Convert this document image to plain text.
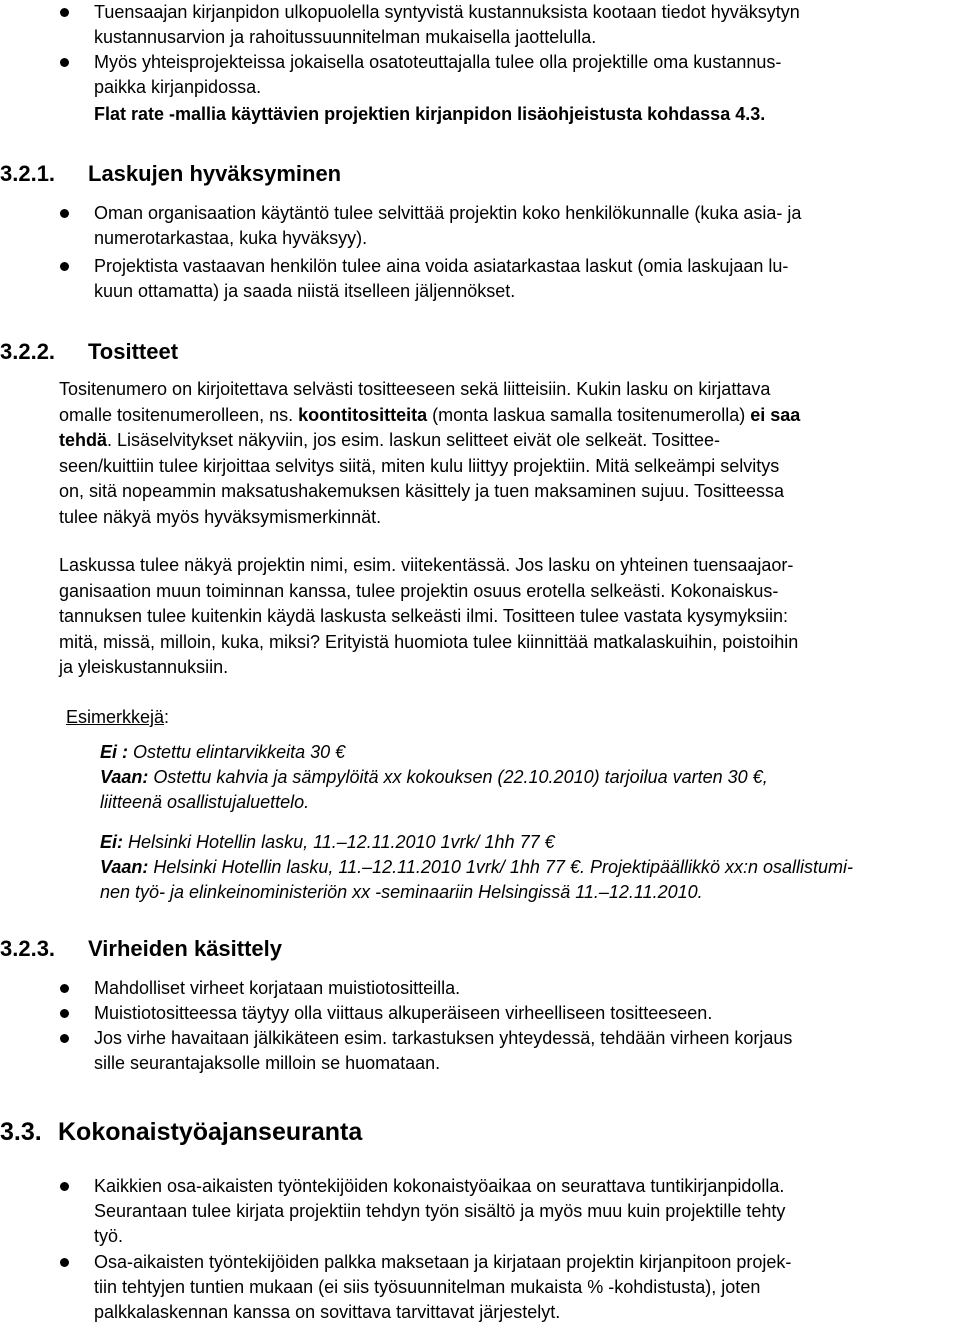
Tuensaajan kirjanpidon ulkopuolella syntyvistä kustannuksista kootaan tiedot hyväksytyn
kustannusarvion ja rahoitussuunnitelman mukaisella jaottelulla.
Myös yhteisprojekteissa jokaisella osatoteuttajalla tulee olla projektille oma kustannus-
paikka kirjanpidossa.
Flat rate -mallia käyttävien projektien kirjanpidon lisäohjeistusta kohdassa 4.3.
3.2.1. Laskujen hyväksyminen
Oman organisaation käytäntö tulee selvittää projektin koko henkilökunnalle (kuka asia- ja
numerotarkastaa, kuka hyväksyy).
Projektista vastaavan henkilön tulee aina voida asiatarkastaa laskut (omia laskujaan lu-
kuun ottamatta) ja saada niistä itselleen jäljennökset.
3.2.2. Tositteet
Tositenumero on kirjoitettava selvästi tositteeseen sekä liitteisiin. Kukin lasku on kirjattava
omalle tositenumerolleen, ns. koontitositteita (monta laskua samalla tositenumerolla) ei saa
tehdä. Lisäselvitykset näkyviin, jos esim. laskun selitteet eivät ole selkeät. Tositteе-
seen/kuittiin tulee kirjoittaa selvitys siitä, miten kulu liittyy projektiin. Mitä selkeämpi selvitys
on, sitä nopeammin maksatushakemuksen käsittely ja tuen maksaminen sujuu. Tositteessa
tulee näkyä myös hyväksymismerkinnät.
Laskussa tulee näkyä projektin nimi, esim. viitekentässä. Jos lasku on yhteinen tuensaajaor-
ganisaation muun toiminnan kanssa, tulee projektin osuus erotella selkeästi. Kokonaiskus-
tannuksen tulee kuitenkin käydä laskusta selkeästi ilmi. Tositteen tulee vastata kysymyksiin:
mitä, missä, milloin, kuka, miksi? Erityistä huomiota tulee kiinnittää matkalaskuihin, poistoihin
ja yleiskustannuksiin.
Esimerkkejä:
Ei : Ostettu elintarvikkeita 30 €
Vaan: Ostettu kahvia ja sämpylöitä xx kokouksen (22.10.2010) tarjoilua varten 30 €,
liitteenä osallistujaluettelo.
Ei: Helsinki Hotellin lasku, 11.–12.11.2010 1vrk/ 1hh 77 €
Vaan: Helsinki Hotellin lasku, 11.–12.11.2010 1vrk/ 1hh 77 €. Projektipäällikkö xx:n osallistumi-
nen työ- ja elinkeinoministeriön xx -seminaariin Helsingissä 11.–12.11.2010.
3.2.3. Virheiden käsittely
Mahdolliset virheet korjataan muistiotositteilla.
Muistiotositteessa täytyy olla viittaus alkuperäiseen virheelliseen tositteeseen.
Jos virhe havaitaan jälkikäteen esim. tarkastuksen yhteydessä, tehdään virheen korjaus
sille seurantajaksolle milloin se huomataan.
3.3. Kokonaistyöajanseuranta
Kaikkien osa-aikaisten työntekijöiden kokonaistyöaikaa on seurattava tuntikirjanpidolla.
Seurantaan tulee kirjata projektiin tehdyn työn sisältö ja myös muu kuin projektille tehty
työ.
Osa-aikaisten työntekijöiden palkka maksetaan ja kirjataan projektin kirjanpitoon projek-
tiin tehtyjen tuntien mukaan (ei siis työsuunnitelman mukaista % -kohdistusta), joten
palkkalaskennan kanssa on sovittava tarvittavat järjestelyt.
